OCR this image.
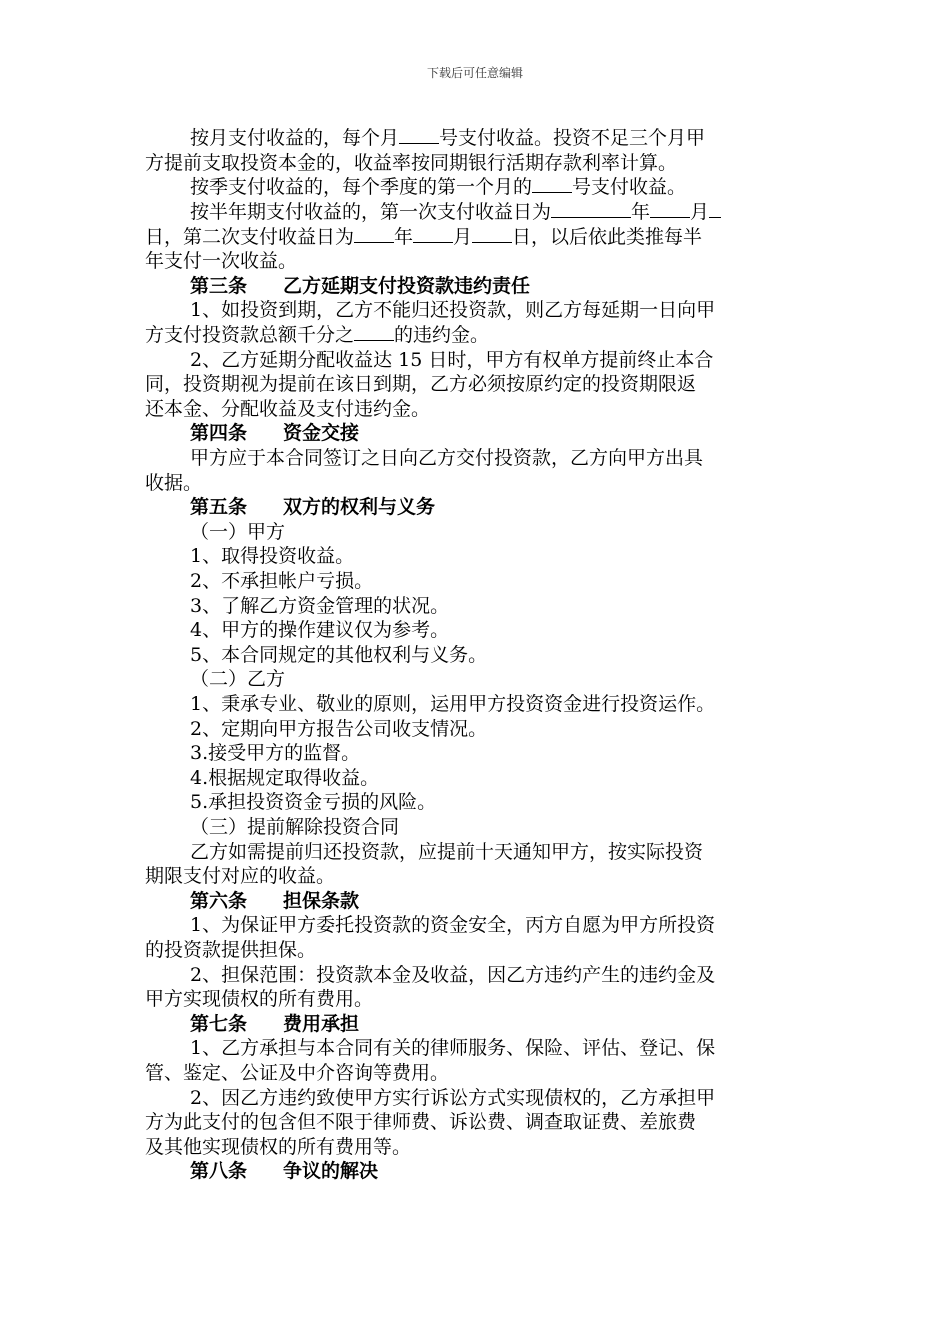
下载后可任意编辑
按月支付收益的，每个月 号支付收益。投资不足三个月甲
方提前支取投资本金的，收益率按同期银行活期存款利率计算。
按季支付收益的，每个季度的第一个月的 号支付收益。
按半年期支付收益的，第一次支付收益日为	年 月
日，第二次支付收益日为 年 月 日，以后依此类推每半
年支付一次收益。
第三条 乙方延期支付投资款违约责任
1、如投资到期，乙方不能归还投资款，则乙方每延期一日向甲
方支付投资款总额千分之 的违约金。
2、乙方延期分配收益达 15 日时，甲方有权单方提前终止本合
同，投资期视为提前在该日到期，乙方必须按原约定的投资期限返
还本金、分配收益及支付违约金。
第四条 资金交接
甲方应于本合同签订之日向乙方交付投资款，乙方向甲方出具
收据。
第五条 双方的权利与义务
（一）甲方
1、取得投资收益。
2、不承担帐户亏损。
3、了解乙方资金管理的状况。
4、甲方的操作建议仅为参考。
5、本合同规定的其他权利与义务。
（二）乙方
1、秉承专业、敬业的原则，运用甲方投资资金进行投资运作。
2、定期向甲方报告公司收支情况。
3.接受甲方的监督。
4.根据规定取得收益。
5.承担投资资金亏损的风险。
（三）提前解除投资合同
乙方如需提前归还投资款，应提前十天通知甲方，按实际投资
期限支付对应的收益。
第六条 担保条款
1、为保证甲方委托投资款的资金安全，丙方自愿为甲方所投资
的投资款提供担保。
2、担保范围：投资款本金及收益，因乙方违约产生的违约金及
甲方实现债权的所有费用。
第七条 费用承担
1、乙方承担与本合同有关的律师服务、保险、评估、登记、保
管、鉴定、公证及中介咨询等费用。
2、因乙方违约致使甲方实行诉讼方式实现债权的，乙方承担甲
方为此支付的包含但不限于律师费、诉讼费、调查取证费、差旅费
及其他实现债权的所有费用等。
第八条 争议的解决
